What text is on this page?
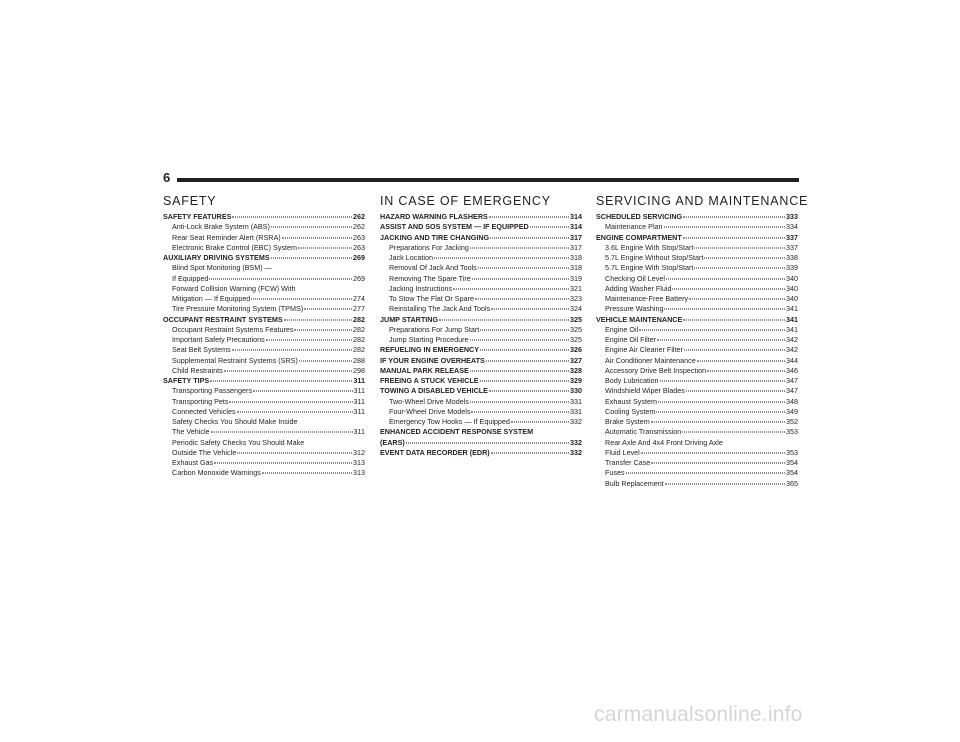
6
SAFETY
SAFETY FEATURES	262
Anti-Lock Brake System (ABS)	262
Rear Seat Reminder Alert (RSRA)	263
Electronic Brake Control (EBC) System	263
AUXILIARY DRIVING SYSTEMS	269
Blind Spot Monitoring (BSM) —
If Equipped	269
Forward Collision Warning (FCW) With
Mitigation — If Equipped	274
Tire Pressure Monitoring System (TPMS)	277
OCCUPANT RESTRAINT SYSTEMS	282
Occupant Restraint Systems Features	282
Important Safety Precautions	282
Seat Belt Systems	282
Supplemental Restraint Systems (SRS)	288
Child Restraints	298
SAFETY TIPS	311
Transporting Passengers	311
Transporting Pets	311
Connected Vehicles	311
Safety Checks You Should Make Inside
The Vehicle	311
Periodic Safety Checks You Should Make
Outside The Vehicle	312
Exhaust Gas	313
Carbon Monoxide Warnings	313
IN CASE OF EMERGENCY
HAZARD WARNING FLASHERS	314
ASSIST AND SOS SYSTEM — IF EQUIPPED	314
JACKING AND TIRE CHANGING	317
Preparations For Jacking	317
Jack Location	318
Removal Of Jack And Tools	318
Removing The Spare Tire	319
Jacking Instructions	321
To Stow The Flat Or Spare	323
Reinstalling The Jack And Tools	324
JUMP STARTING	325
Preparations For Jump Start	325
Jump Starting Procedure	325
REFUELING IN EMERGENCY	326
IF YOUR ENGINE OVERHEATS	327
MANUAL PARK RELEASE	328
FREEING A STUCK VEHICLE	329
TOWING A DISABLED VEHICLE	330
Two-Wheel Drive Models	331
Four-Wheel Drive Models	331
Emergency Tow Hooks — If Equipped	332
ENHANCED ACCIDENT RESPONSE SYSTEM
(EARS)	332
EVENT DATA RECORDER (EDR)	332
SERVICING AND MAINTENANCE
SCHEDULED SERVICING	333
Maintenance Plan	334
ENGINE COMPARTMENT	337
3.6L Engine With Stop/Start	337
5.7L Engine Without Stop/Start	338
5.7L Engine With Stop/Start	339
Checking Oil Level	340
Adding Washer Fluid	340
Maintenance-Free Battery	340
Pressure Washing	341
VEHICLE MAINTENANCE	341
Engine Oil	341
Engine Oil Filter	342
Engine Air Cleaner Filter	342
Air Conditioner Maintenance	344
Accessory Drive Belt Inspection	346
Body Lubrication	347
Windshield Wiper Blades	347
Exhaust System	348
Cooling System	349
Brake System	352
Automatic Transmission	353
Rear Axle And 4x4 Front Driving Axle
Fluid Level	353
Transfer Case	354
Fuses	354
Bulb Replacement	365
carmanualsonline.info
